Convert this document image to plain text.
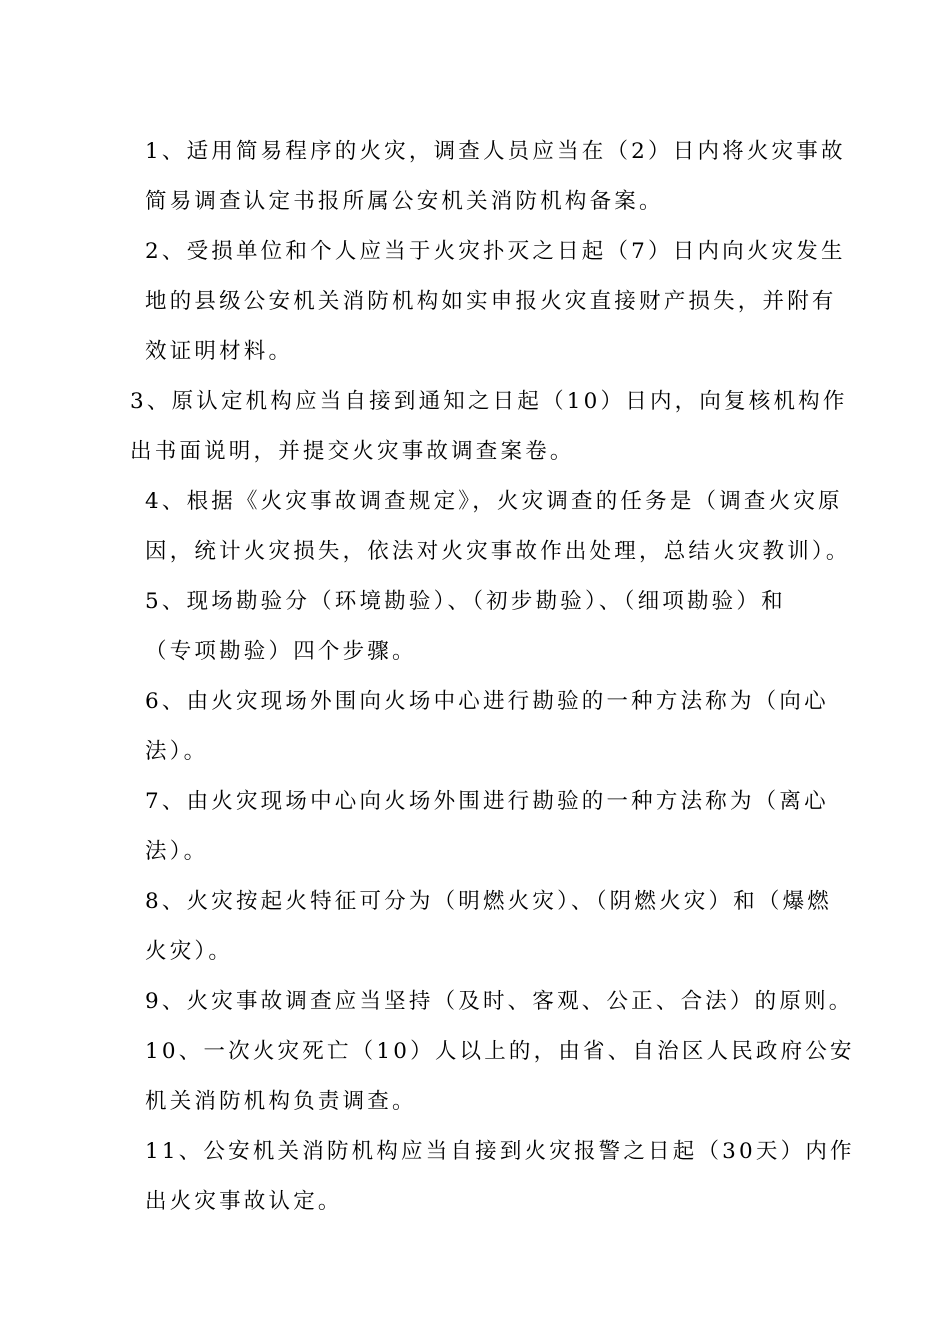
1、适用简易程序的火灾，调查人员应当在（2）日内将火灾事故
简易调查认定书报所属公安机关消防机构备案。
2、受损单位和个人应当于火灾扑灭之日起（7）日内向火灾发生
地的县级公安机关消防机构如实申报火灾直接财产损失，并附有
效证明材料。
3、原认定机构应当自接到通知之日起（10）日内，向复核机构作
出书面说明，并提交火灾事故调查案卷。
4、根据《火灾事故调查规定》，火灾调查的任务是（调查火灾原
因，统计火灾损失，依法对火灾事故作出处理，总结火灾教训）。
5、现场勘验分（环境勘验）、（初步勘验）、（细项勘验）和
（专项勘验）四个步骤。
6、由火灾现场外围向火场中心进行勘验的一种方法称为（向心
法）。
7、由火灾现场中心向火场外围进行勘验的一种方法称为（离心
法）。
8、火灾按起火特征可分为（明燃火灾）、（阴燃火灾）和（爆燃
火灾）。
9、火灾事故调查应当坚持（及时、客观、公正、合法）的原则。
10、一次火灾死亡（10）人以上的，由省、自治区人民政府公安
机关消防机构负责调查。
11、公安机关消防机构应当自接到火灾报警之日起（30天）内作
出火灾事故认定。
